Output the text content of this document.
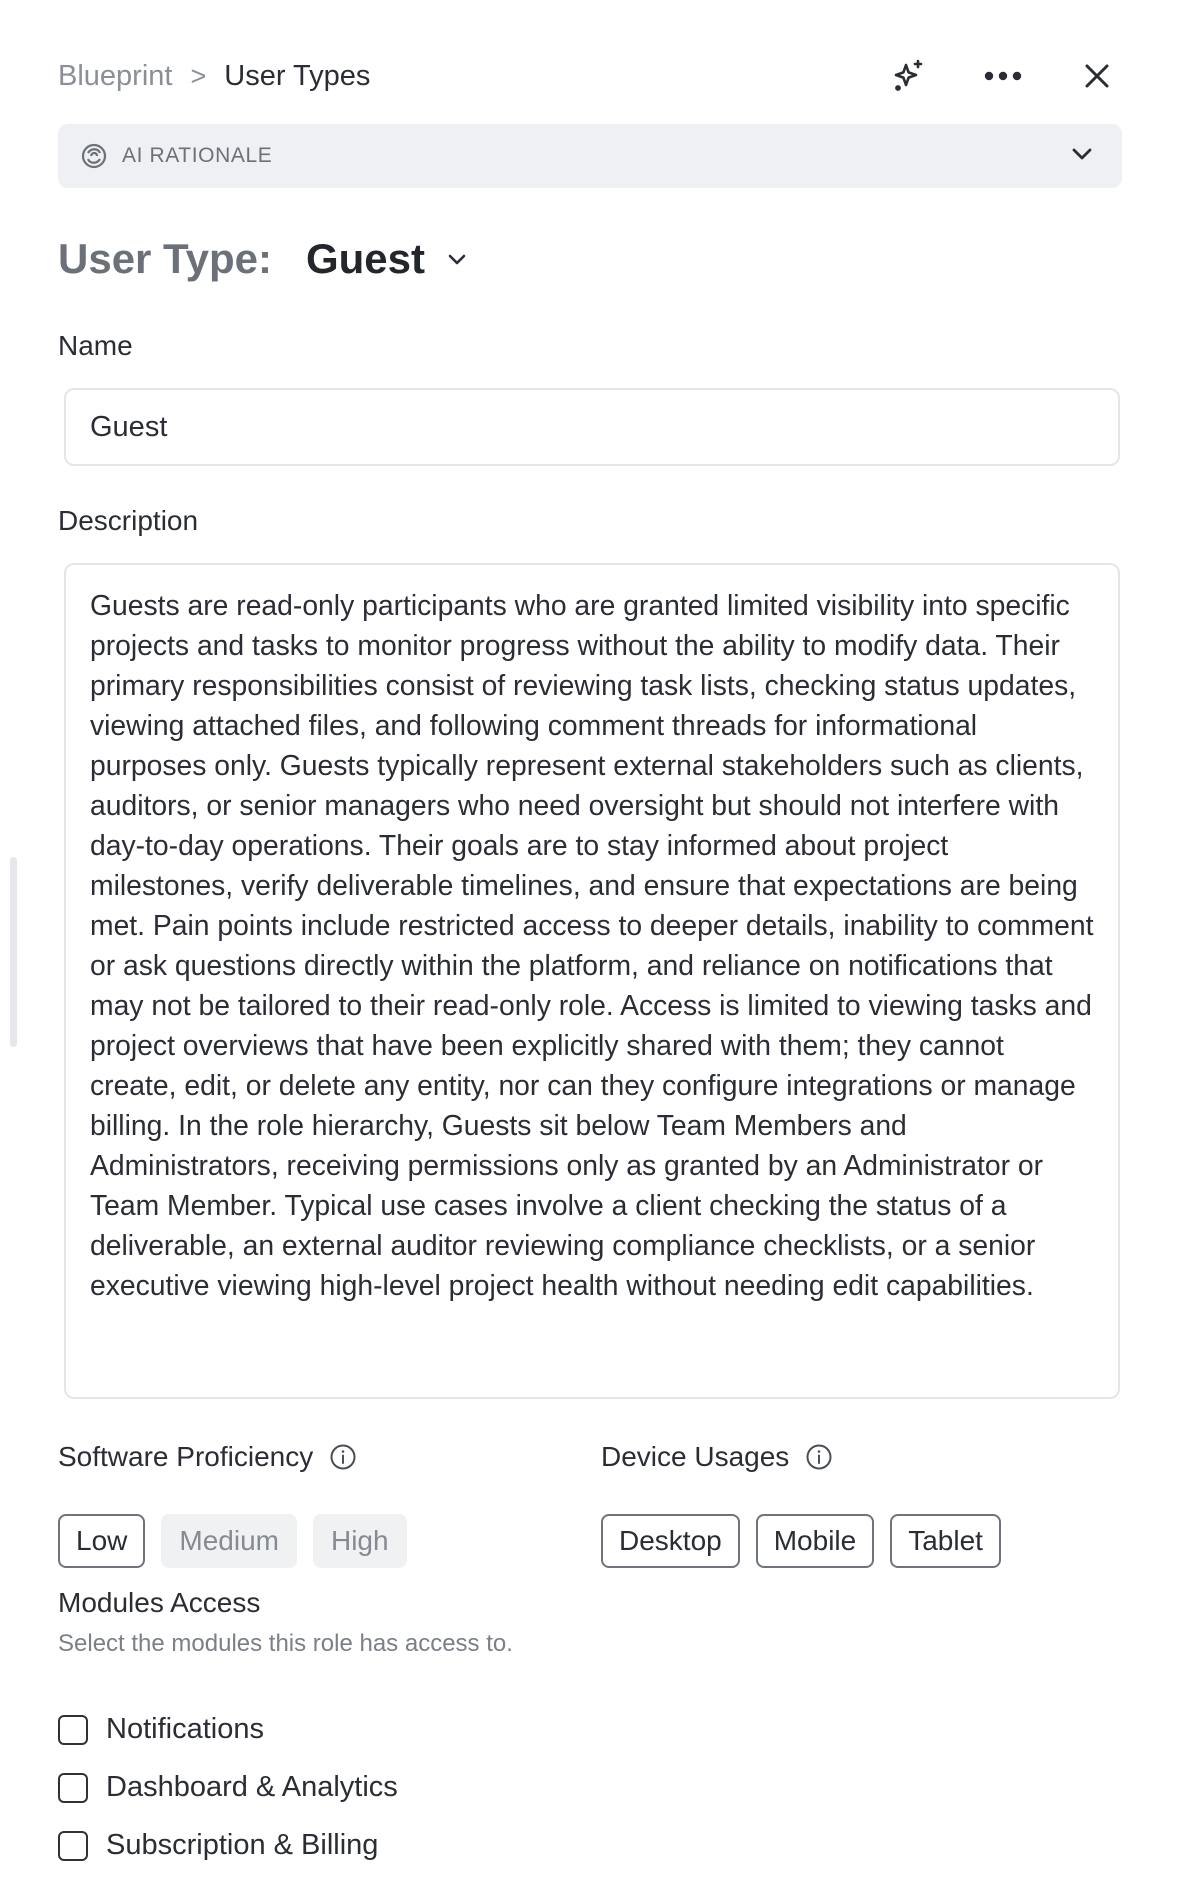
Blueprint > User Types
AI RATIONALE
User Type: Guest
Name
Guest
Description
Guests are read-only participants who are granted limited visibility into specific projects and tasks to monitor progress without the ability to modify data. Their primary responsibilities consist of reviewing task lists, checking status updates, viewing attached files, and following comment threads for informational purposes only. Guests typically represent external stakeholders such as clients, auditors, or senior managers who need oversight but should not interfere with day-to-day operations. Their goals are to stay informed about project milestones, verify deliverable timelines, and ensure that expectations are being met. Pain points include restricted access to deeper details, inability to comment or ask questions directly within the platform, and reliance on notifications that may not be tailored to their read-only role. Access is limited to viewing tasks and project overviews that have been explicitly shared with them; they cannot create, edit, or delete any entity, nor can they configure integrations or manage billing. In the role hierarchy, Guests sit below Team Members and Administrators, receiving permissions only as granted by an Administrator or Team Member. Typical use cases involve a client checking the status of a deliverable, an external auditor reviewing compliance checklists, or a senior executive viewing high-level project health without needing edit capabilities.
Software Proficiency
Low	Medium	High
Device Usages
Desktop	Mobile	Tablet
Modules Access
Select the modules this role has access to.
Notifications
Dashboard & Analytics
Subscription & Billing
